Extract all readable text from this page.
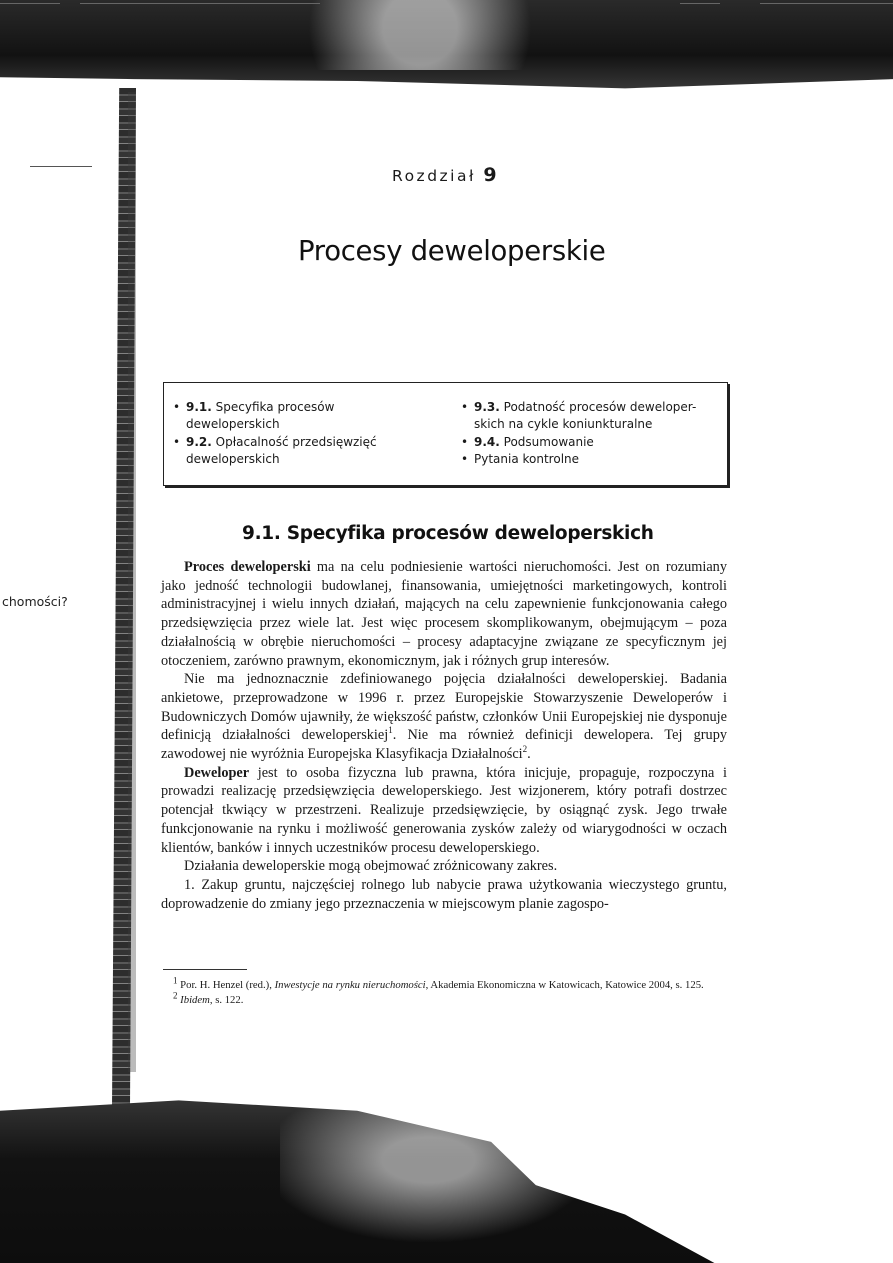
chomości?
Rozdział 9
Procesy deweloperskie
• 9.1. Specyfika procesów
deweloperskich
• 9.2. Opłacalność przedsięwzięć
deweloperskich
• 9.3. Podatność procesów deweloper-
skich na cykle koniunkturalne
• 9.4. Podsumowanie
• Pytania kontrolne
9.1. Specyfika procesów deweloperskich

Proces deweloperski ma na celu podniesienie wartości nieruchomości. Jest on rozumiany jako jedność technologii budowlanej, finansowania, umiejętności marketingowych, kontroli administracyjnej i wielu innych działań, mających na celu zapewnienie funkcjonowania całego przedsięwzięcia przez wiele lat. Jest więc procesem skomplikowanym, obejmującym – poza działalnością w obrębie nieruchomości – procesy adaptacyjne związane ze specyficznym jej otoczeniem, zarówno prawnym, ekonomicznym, jak i różnych grup interesów.

Nie ma jednoznacznie zdefiniowanego pojęcia działalności deweloperskiej. Badania ankietowe, przeprowadzone w 1996 r. przez Europejskie Stowarzyszenie Deweloperów i Budowniczych Domów ujawniły, że większość państw, członków Unii Europejskiej nie dysponuje definicją działalności deweloperskiej$^1$. Nie ma również definicji dewelopera. Tej grupy zawodowej nie wyróżnia Europejska Klasyfikacja Działalności$^2$.

Deweloper jest to osoba fizyczna lub prawna, która inicjuje, propaguje, rozpoczyna i prowadzi realizację przedsięwzięcia deweloperskiego. Jest wizjonerem, który potrafi dostrzec potencjał tkwiący w przestrzeni. Realizuje przedsięwzięcie, by osiągnąć zysk. Jego trwałe funkcjonowanie na rynku i możliwość generowania zysków zależy od wiarygodności w oczach klientów, banków i innych uczestników procesu deweloperskiego.

Działania deweloperskie mogą obejmować zróżnicowany zakres.

1. Zakup gruntu, najczęściej rolnego lub nabycie prawa użytkowania wieczystego gruntu, doprowadzenie do zmiany jego przeznaczenia w miejscowym planie zagospo-

$^1$ Por. H. Henzel (red.), Inwestycje na rynku nieruchomości, Akademia Ekonomiczna w Katowicach, Katowice 2004, s. 125.

$^2$ Ibidem, s. 122.
